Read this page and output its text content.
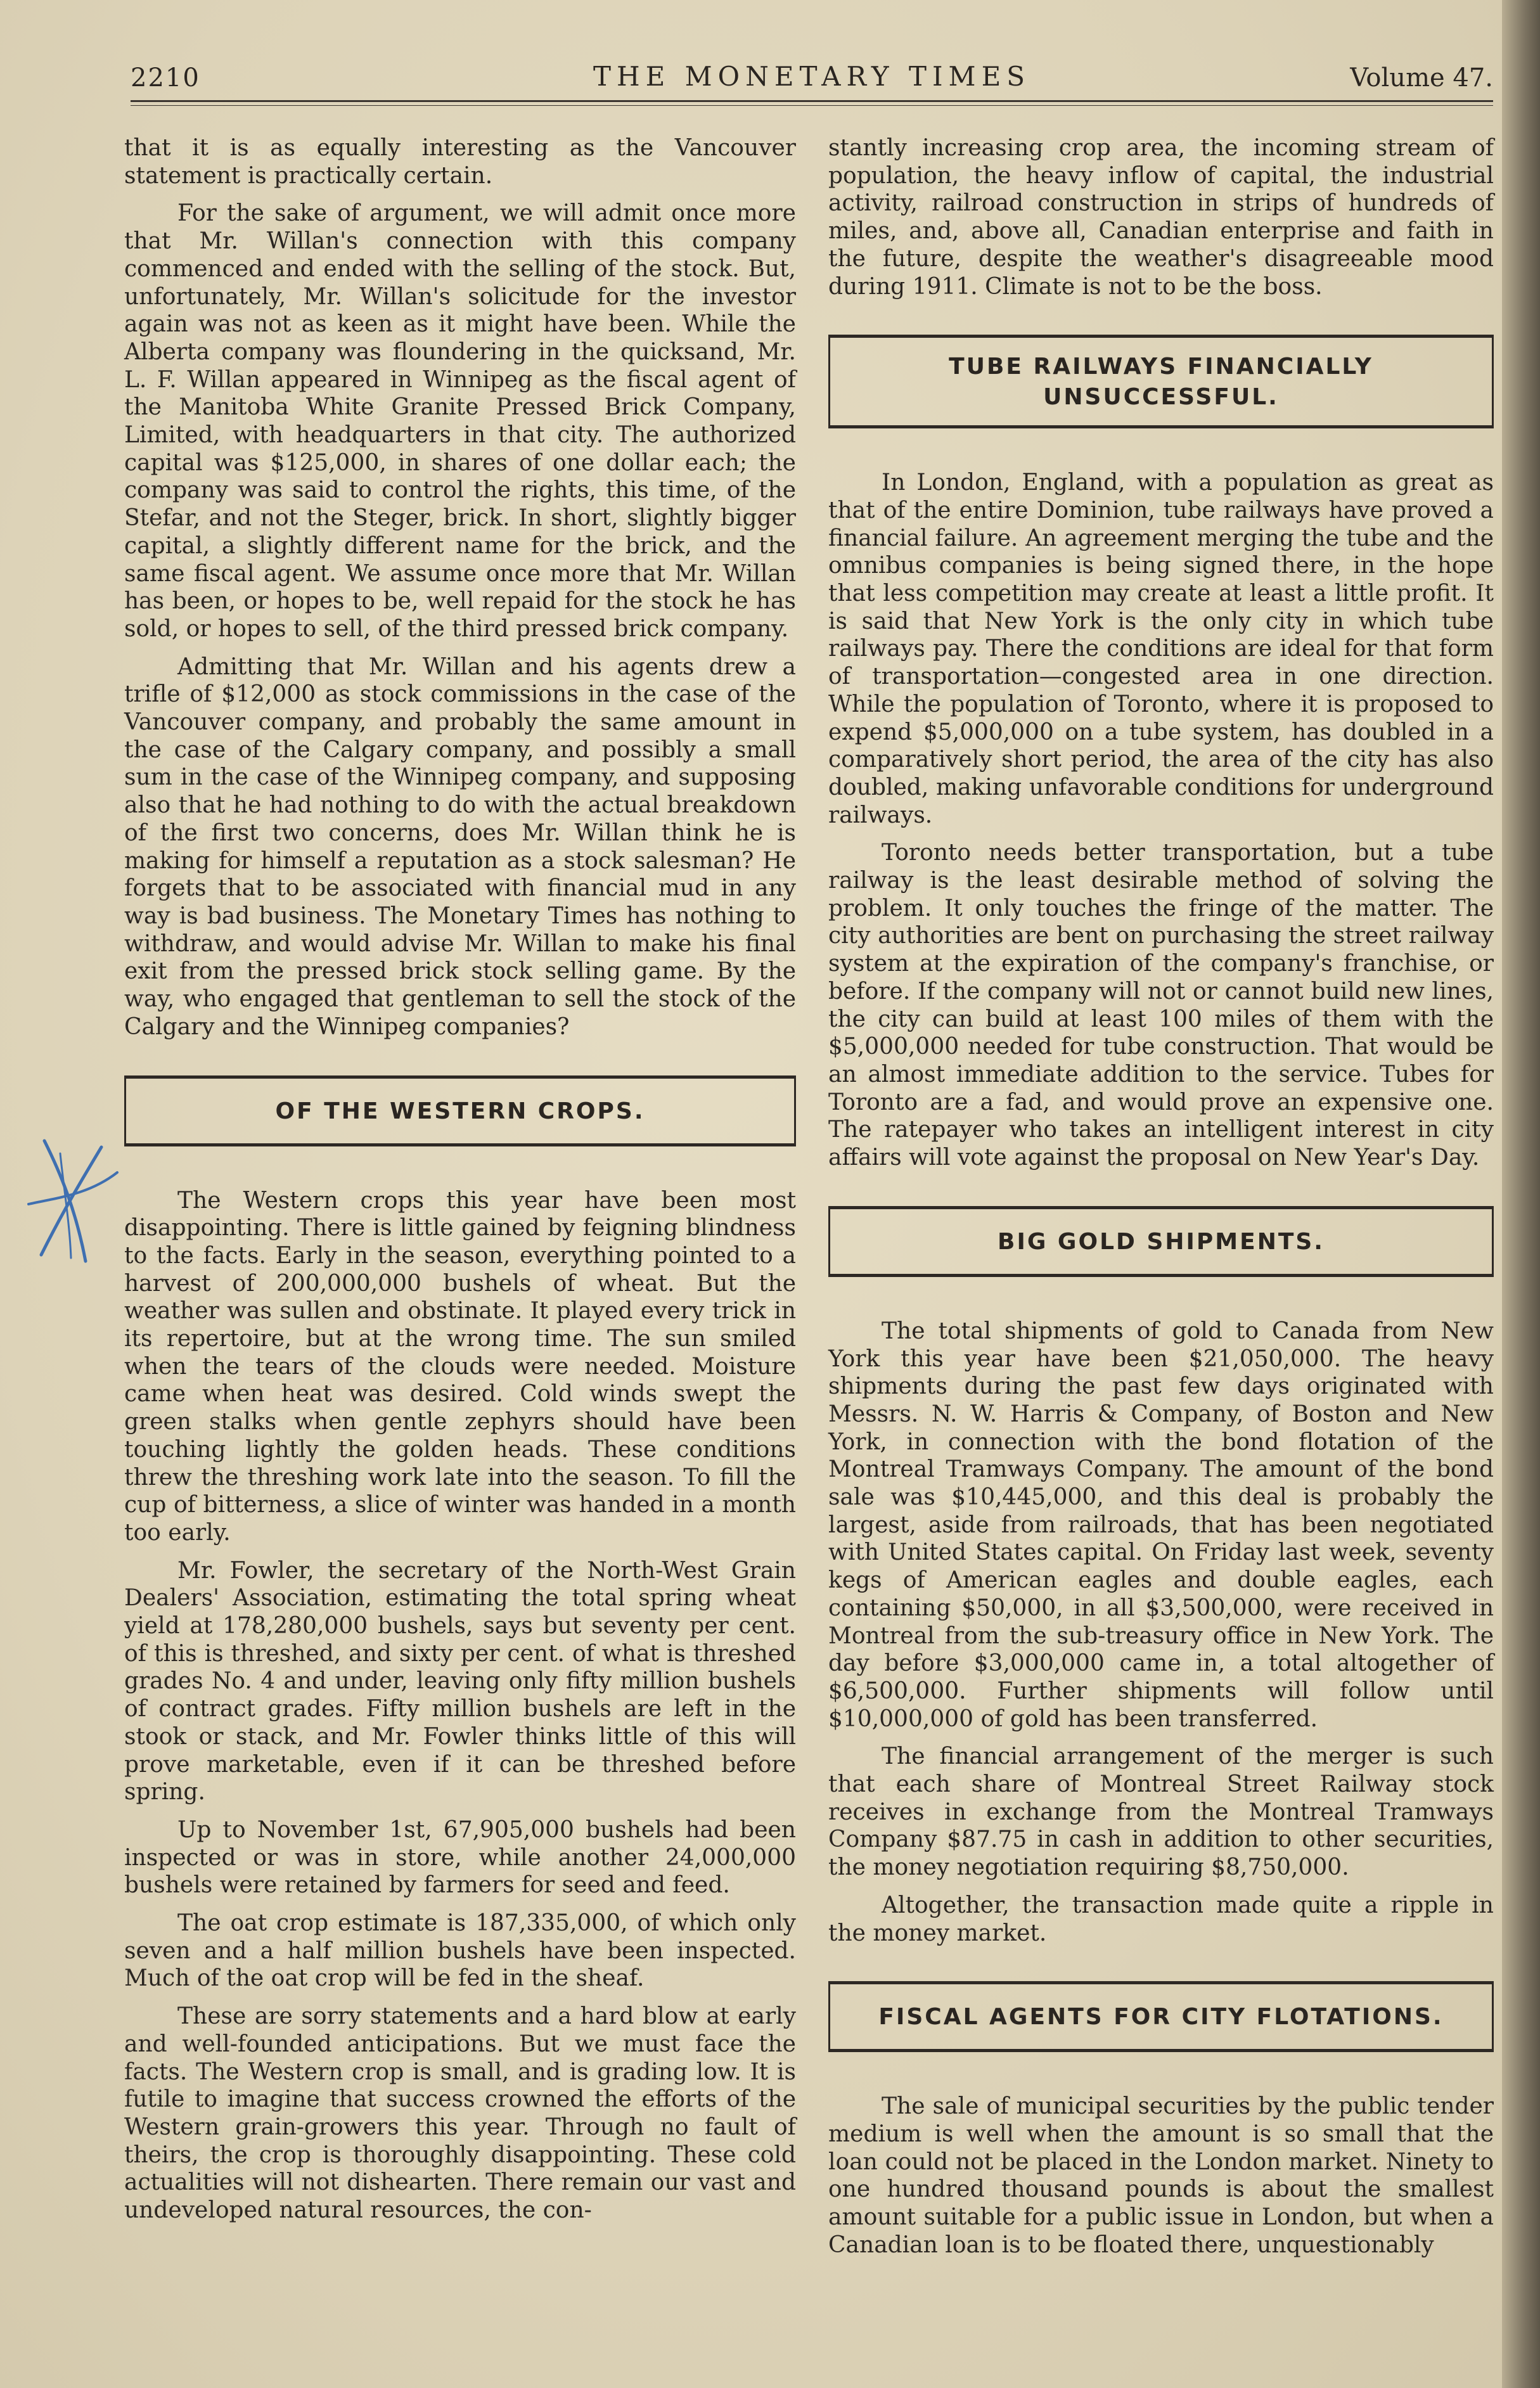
2210	THE MONETARY TIMES	Volume 47.

that it is as equally interesting as the Vancouver statement is practically certain.

For the sake of argument, we will admit once more that Mr. Willan's connection with this company commenced and ended with the selling of the stock. But, unfortunately, Mr. Willan's solicitude for the investor again was not as keen as it might have been. While the Alberta company was floundering in the quicksand, Mr. L. F. Willan appeared in Winnipeg as the fiscal agent of the Manitoba White Granite Pressed Brick Company, Limited, with headquarters in that city. The authorized capital was $125,000, in shares of one dollar each; the company was said to control the rights, this time, of the Stefar, and not the Steger, brick. In short, slightly bigger capital, a slightly different name for the brick, and the same fiscal agent. We assume once more that Mr. Willan has been, or hopes to be, well repaid for the stock he has sold, or hopes to sell, of the third pressed brick company.

Admitting that Mr. Willan and his agents drew a trifle of $12,000 as stock commissions in the case of the Vancouver company, and probably the same amount in the case of the Calgary company, and possibly a small sum in the case of the Winnipeg company, and supposing also that he had nothing to do with the actual breakdown of the first two concerns, does Mr. Willan think he is making for himself a reputation as a stock salesman? He forgets that to be associated with financial mud in any way is bad business. The Monetary Times has nothing to withdraw, and would advise Mr. Willan to make his final exit from the pressed brick stock selling game. By the way, who engaged that gentleman to sell the stock of the Calgary and the Winnipeg companies?

OF THE WESTERN CROPS.

The Western crops this year have been most disappointing. There is little gained by feigning blindness to the facts. Early in the season, everything pointed to a harvest of 200,000,000 bushels of wheat. But the weather was sullen and obstinate. It played every trick in its repertoire, but at the wrong time. The sun smiled when the tears of the clouds were needed. Moisture came when heat was desired. Cold winds swept the green stalks when gentle zephyrs should have been touching lightly the golden heads. These conditions threw the threshing work late into the season. To fill the cup of bitterness, a slice of winter was handed in a month too early.

Mr. Fowler, the secretary of the North-West Grain Dealers' Association, estimating the total spring wheat yield at 178,280,000 bushels, says but seventy per cent. of this is threshed, and sixty per cent. of what is threshed grades No. 4 and under, leaving only fifty million bushels of contract grades. Fifty million bushels are left in the stook or stack, and Mr. Fowler thinks little of this will prove marketable, even if it can be threshed before spring.

Up to November 1st, 67,905,000 bushels had been inspected or was in store, while another 24,000,000 bushels were retained by farmers for seed and feed.

The oat crop estimate is 187,335,000, of which only seven and a half million bushels have been inspected. Much of the oat crop will be fed in the sheaf.

These are sorry statements and a hard blow at early and well-founded anticipations. But we must face the facts. The Western crop is small, and is grading low. It is futile to imagine that success crowned the efforts of the Western grain-growers this year. Through no fault of theirs, the crop is thoroughly disappointing. These cold actualities will not dishearten. There remain our vast and undeveloped natural resources, the con-

stantly increasing crop area, the incoming stream of population, the heavy inflow of capital, the industrial activity, railroad construction in strips of hundreds of miles, and, above all, Canadian enterprise and faith in the future, despite the weather's disagreeable mood during 1911. Climate is not to be the boss.

TUBE RAILWAYS FINANCIALLY
UNSUCCESSFUL.

In London, England, with a population as great as that of the entire Dominion, tube railways have proved a financial failure. An agreement merging the tube and the omnibus companies is being signed there, in the hope that less competition may create at least a little profit. It is said that New York is the only city in which tube railways pay. There the conditions are ideal for that form of transportation—congested area in one direction. While the population of Toronto, where it is proposed to expend $5,000,000 on a tube system, has doubled in a comparatively short period, the area of the city has also doubled, making unfavorable conditions for underground railways.

Toronto needs better transportation, but a tube railway is the least desirable method of solving the problem. It only touches the fringe of the matter. The city authorities are bent on purchasing the street railway system at the expiration of the company's franchise, or before. If the company will not or cannot build new lines, the city can build at least 100 miles of them with the $5,000,000 needed for tube construction. That would be an almost immediate addition to the service. Tubes for Toronto are a fad, and would prove an expensive one. The ratepayer who takes an intelligent interest in city affairs will vote against the proposal on New Year's Day.

BIG GOLD SHIPMENTS.

The total shipments of gold to Canada from New York this year have been $21,050,000. The heavy shipments during the past few days originated with Messrs. N. W. Harris & Company, of Boston and New York, in connection with the bond flotation of the Montreal Tramways Company. The amount of the bond sale was $10,445,000, and this deal is probably the largest, aside from railroads, that has been negotiated with United States capital. On Friday last week, seventy kegs of American eagles and double eagles, each containing $50,000, in all $3,500,000, were received in Montreal from the sub-treasury office in New York. The day before $3,000,000 came in, a total altogether of $6,500,000. Further shipments will follow until $10,000,000 of gold has been transferred.

The financial arrangement of the merger is such that each share of Montreal Street Railway stock receives in exchange from the Montreal Tramways Company $87.75 in cash in addition to other securities, the money negotiation requiring $8,750,000.

Altogether, the transaction made quite a ripple in the money market.

FISCAL AGENTS FOR CITY FLOTATIONS.

The sale of municipal securities by the public tender medium is well when the amount is so small that the loan could not be placed in the London market. Ninety to one hundred thousand pounds is about the smallest amount suitable for a public issue in London, but when a Canadian loan is to be floated there, unquestionably
